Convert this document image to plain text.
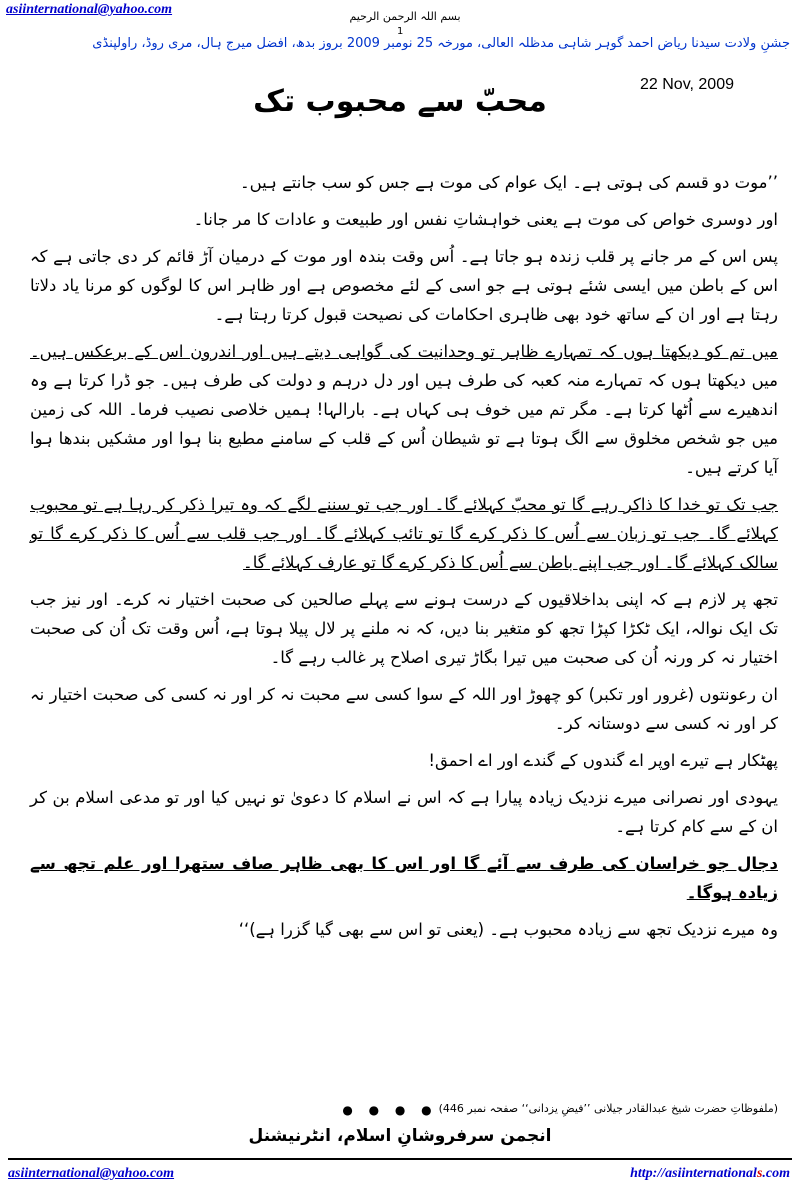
asiinternational@yahoo.com	بسم اللہ الرحمن الرحیم
1
جشنِ ولادت سیدنا ریاض احمد گوہر شاہی مدظلہ العالی، مورخہ 25 نومبر 2009 بروز بدھ، افضل میرج ہال، مری روڈ، راولپنڈی
22 Nov, 2009
محبّ سے محبوب تک

’’موت دو قسم کی ہوتی ہے۔ ایک عوام کی موت ہے جس کو سب جانتے ہیں۔

اور دوسری خواص کی موت ہے یعنی خواہشاتِ نفس اور طبیعت و عادات کا مر جانا۔

پس اس کے مر جانے پر قلب زندہ ہو جاتا ہے۔ اُس وقت بندہ اور موت کے درمیان آڑ قائم کر دی جاتی ہے کہ اس کے باطن میں ایسی شئے ہوتی ہے جو اسی کے لئے مخصوص ہے اور ظاہر اس کا لوگوں کو مرنا یاد دلاتا رہتا ہے اور ان کے ساتھ خود بھی ظاہری احکامات کی نصیحت قبول کرتا رہتا ہے۔

میں تم کو دیکھتا ہوں کہ تمہارے ظاہر تو وحدانیت کی گواہی دیتے ہیں اور اندرون اس کے برعکس ہیں۔ میں دیکھتا ہوں کہ تمہارے منہ کعبہ کی طرف ہیں اور دل درہم و دولت کی طرف ہیں۔ جو ڈرا کرتا ہے وہ اندھیرے سے اُٹھا کرتا ہے۔ مگر تم میں خوف ہی کہاں ہے۔ بارالہا! ہمیں خلاصی نصیب فرما۔ اللہ کی زمین میں جو شخص مخلوق سے الگ ہوتا ہے تو شیطان اُس کے قلب کے سامنے مطیع بنا ہوا اور مشکیں بندھا ہوا آیا کرتے ہیں۔

جب تک تو خدا کا ذاکر رہے گا تو محبّ کہلائے گا۔ اور جب تو سننے لگے کہ وہ تیرا ذکر کر رہا ہے تو محبوب کہلائے گا۔ جب تو زبان سے اُس کا ذکر کرے گا تو تائب کہلائے گا۔ اور جب قلب سے اُس کا ذکر کرے گا تو سالک کہلائے گا۔ اور جب اپنے باطن سے اُس کا ذکر کرے گا تو عارف کہلائے گا۔

تجھ پر لازم ہے کہ اپنی بداخلاقیوں کے درست ہونے سے پہلے صالحین کی صحبت اختیار نہ کرے۔ اور نیز جب تک ایک نوالہ، ایک ٹکڑا کپڑا تجھ کو متغیر بنا دیں، کہ نہ ملنے پر لال پیلا ہوتا ہے، اُس وقت تک اُن کی صحبت اختیار نہ کر ورنہ اُن کی صحبت میں تیرا بگاڑ تیری اصلاح پر غالب رہے گا۔

ان رعونتوں (غرور اور تکبر) کو چھوڑ اور اللہ کے سوا کسی سے محبت نہ کر اور نہ کسی کی صحبت اختیار نہ کر اور نہ کسی سے دوستانہ کر۔

پھٹکار ہے تیرے اوپر اے گندوں کے گندے اور اے احمق!

یہودی اور نصرانی میرے نزدیک زیادہ پیارا ہے کہ اس نے اسلام کا دعویٰ تو نہیں کیا اور تو مدعی اسلام بن کر ان کے سے کام کرتا ہے۔

دجال جو خراسان کی طرف سے آئے گا اور اس کا بھی ظاہر صاف ستھرا اور علم تجھ سے زیادہ ہوگا۔

وہ میرے نزدیک تجھ سے زیادہ محبوب ہے۔ (یعنی تو اس سے بھی گیا گزرا ہے)‘‘

(ملفوظاتِ حضرت شیخ عبدالقادر جیلانی ’’فیضِ یزدانی‘‘ صفحہ نمبر 446)
● ● ● ●
انجمن سرفروشانِ اسلام، انٹرنیشنل
asiinternational@yahoo.com	http://asiinternationals.com
